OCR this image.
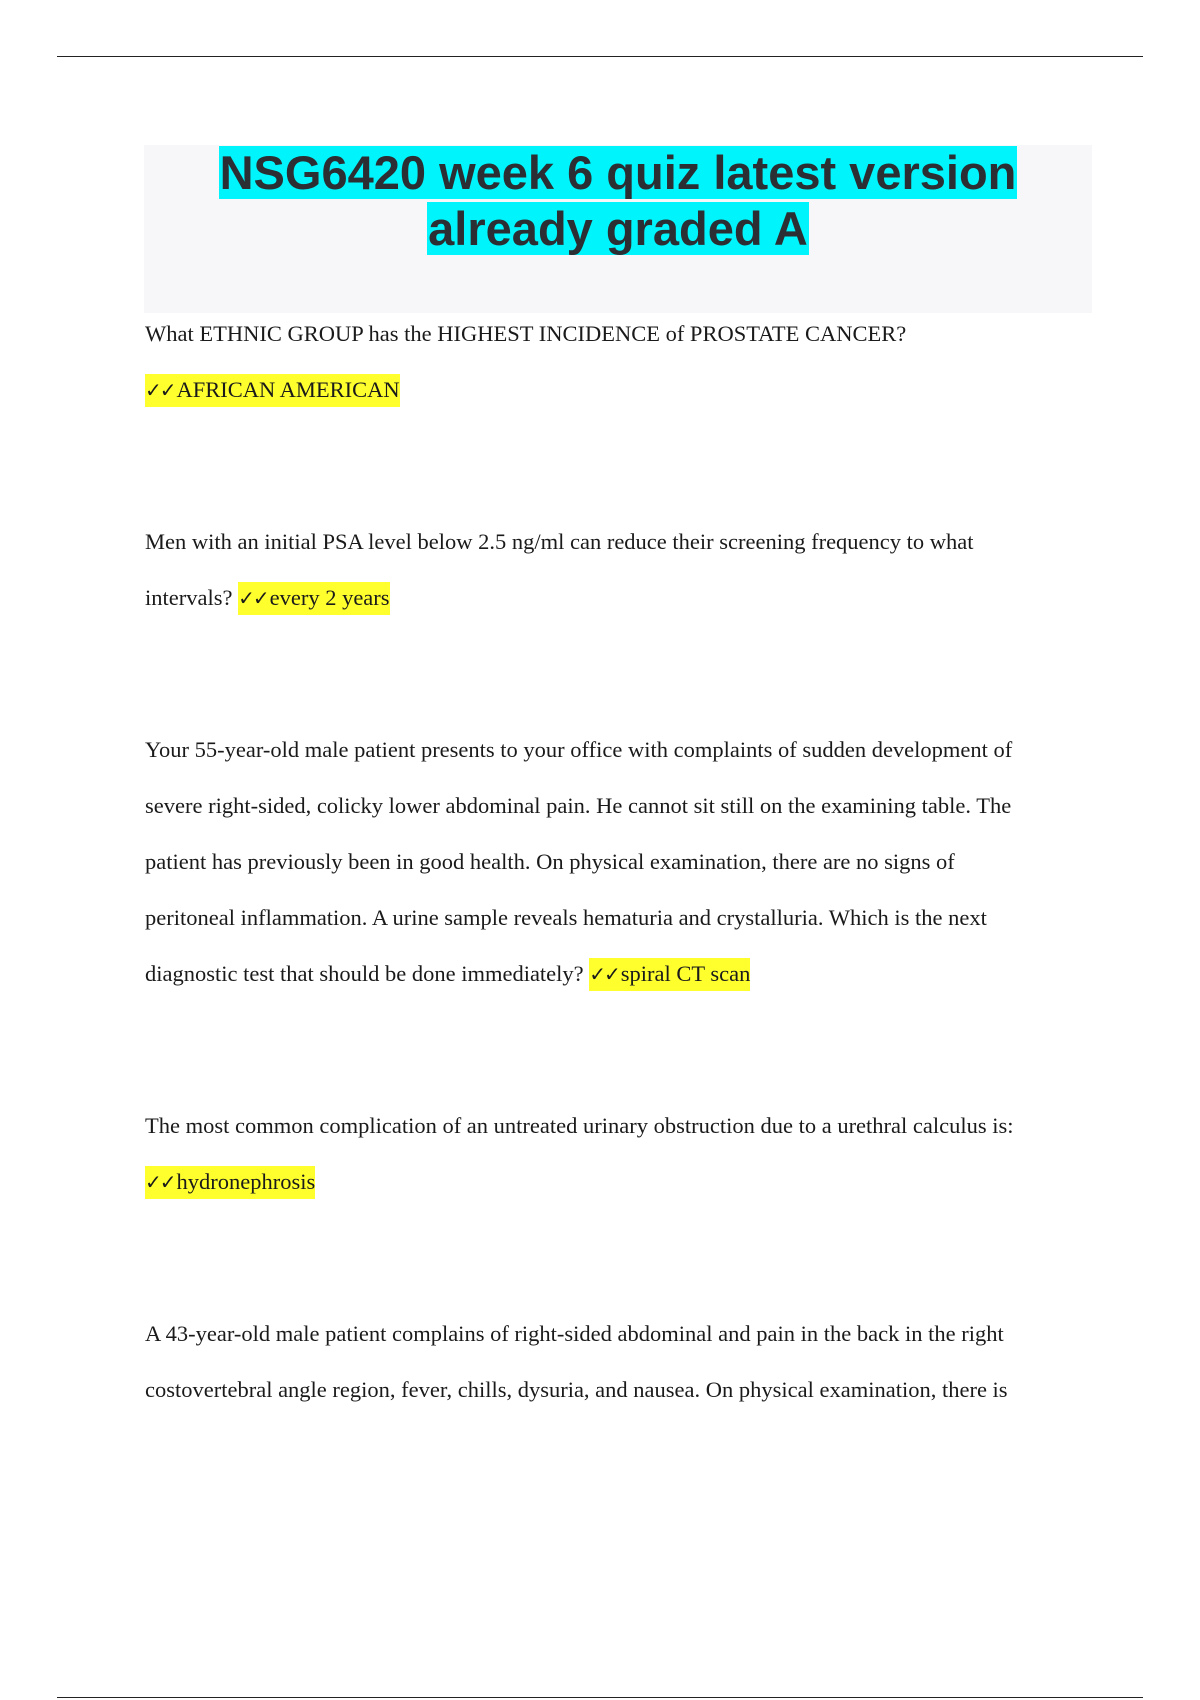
NSG6420 week 6 quiz latest version
already graded A

What ETHNIC GROUP has the HIGHEST INCIDENCE of PROSTATE CANCER?

✓✓AFRICAN AMERICAN

Men with an initial PSA level below 2.5 ng/ml can reduce their screening frequency to what

intervals? ✓✓every 2 years

Your 55-year-old male patient presents to your office with complaints of sudden development of

severe right-sided, colicky lower abdominal pain. He cannot sit still on the examining table. The

patient has previously been in good health. On physical examination, there are no signs of

peritoneal inflammation. A urine sample reveals hematuria and crystalluria. Which is the next

diagnostic test that should be done immediately? ✓✓spiral CT scan

The most common complication of an untreated urinary obstruction due to a urethral calculus is:

✓✓hydronephrosis

A 43-year-old male patient complains of right-sided abdominal and pain in the back in the right

costovertebral angle region, fever, chills, dysuria, and nausea. On physical examination, there is
